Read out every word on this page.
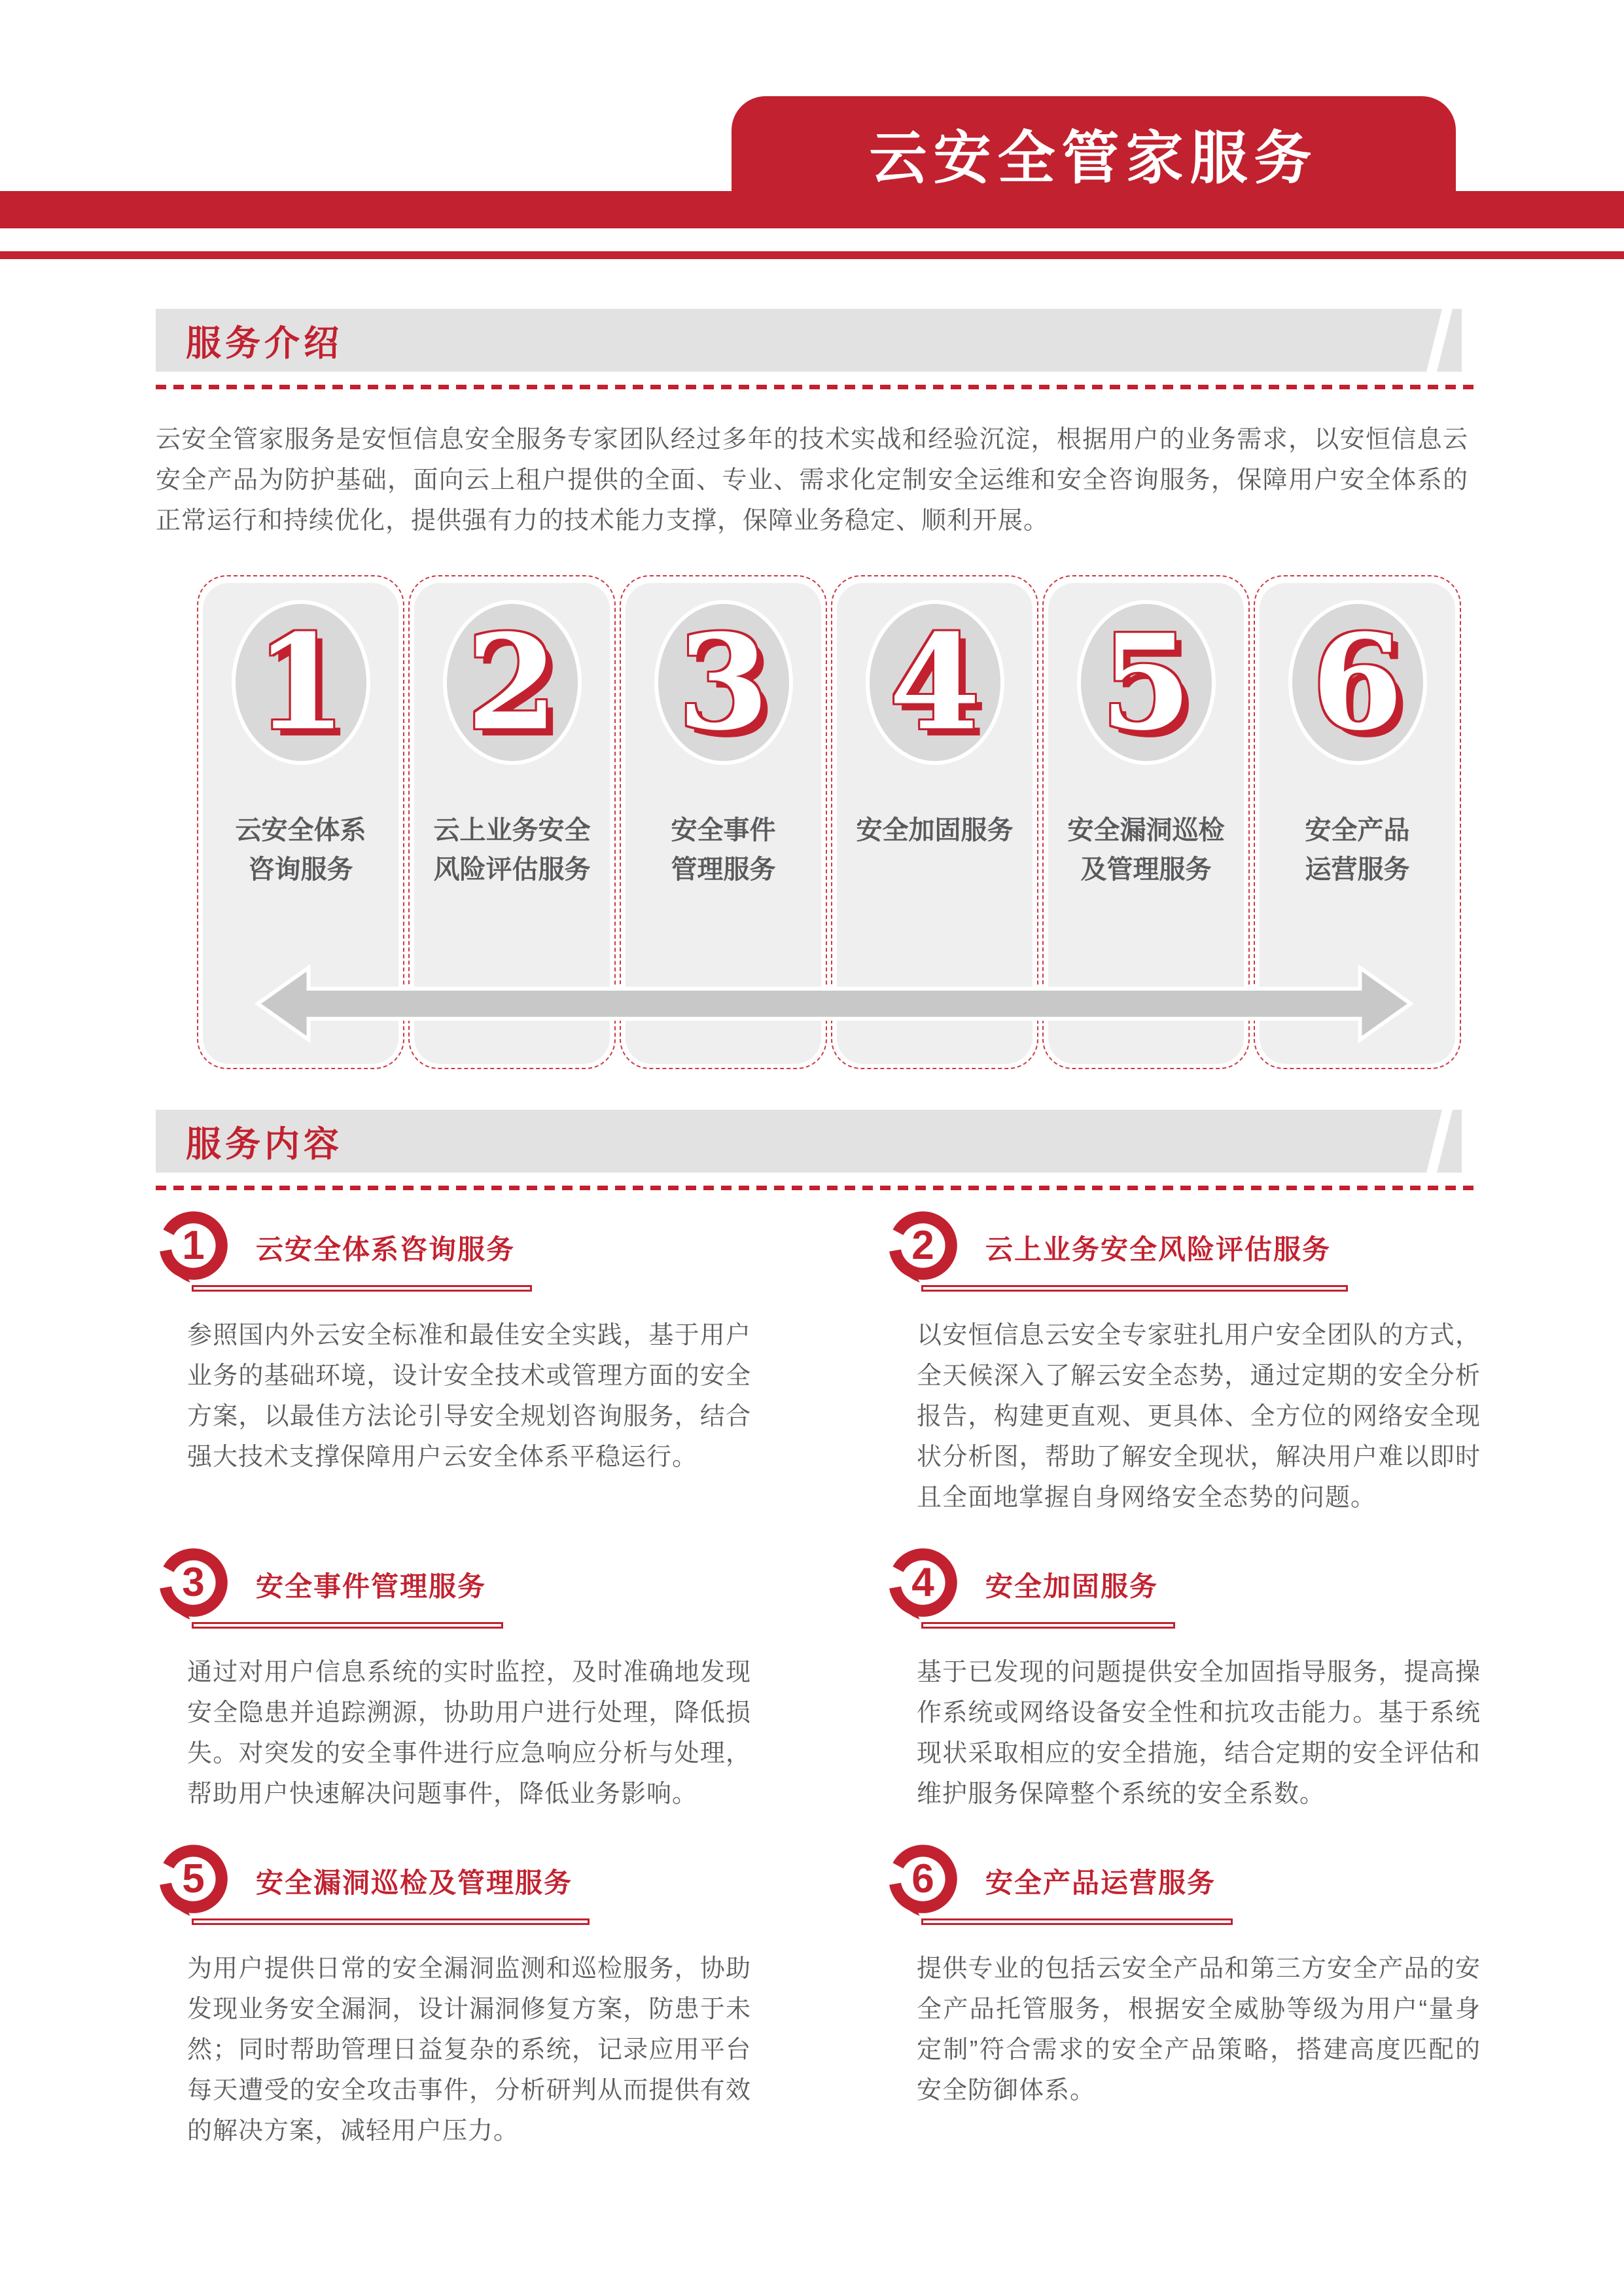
云安全管家服务
服务介绍

云安全管家服务是安恒信息安全服务专家团队经过多年的技术实战和经验沉淀，根据用户的业务需求，以安恒信息云安全产品为防护基础，面向云上租户提供的全面、专业、需求化定制安全运维和安全咨询服务，保障用户安全体系的正常运行和持续优化，提供强有力的技术能力支撑，保障业务稳定、顺利开展。

1
云安全体系
咨询服务
2
云上业务安全
风险评估服务
3
安全事件
管理服务
4
安全加固服务
5
安全漏洞巡检
及管理服务
6
安全产品
运营服务
服务内容
1	云安全体系咨询服务

参照国内外云安全标准和最佳安全实践，基于用户业务的基础环境，设计安全技术或管理方面的安全方案，以最佳方法论引导安全规划咨询服务，结合强大技术支撑保障用户云安全体系平稳运行。

2	云上业务安全风险评估服务

以安恒信息云安全专家驻扎用户安全团队的方式，全天候深入了解云安全态势，通过定期的安全分析报告，构建更直观、更具体、全方位的网络安全现状分析图，帮助了解安全现状，解决用户难以即时且全面地掌握自身网络安全态势的问题。

3	安全事件管理服务

通过对用户信息系统的实时监控，及时准确地发现安全隐患并追踪溯源，协助用户进行处理，降低损失。对突发的安全事件进行应急响应分析与处理，帮助用户快速解决问题事件，降低业务影响。

4	安全加固服务

基于已发现的问题提供安全加固指导服务，提高操作系统或网络设备安全性和抗攻击能力。基于系统现状采取相应的安全措施，结合定期的安全评估和维护服务保障整个系统的安全系数。

5	安全漏洞巡检及管理服务

为用户提供日常的安全漏洞监测和巡检服务，协助发现业务安全漏洞，设计漏洞修复方案，防患于未然；同时帮助管理日益复杂的系统，记录应用平台每天遭受的安全攻击事件，分析研判从而提供有效的解决方案，减轻用户压力。

6	安全产品运营服务

提供专业的包括云安全产品和第三方安全产品的安全产品托管服务，根据安全威胁等级为用户“量身定制”符合需求的安全产品策略，搭建高度匹配的安全防御体系。
